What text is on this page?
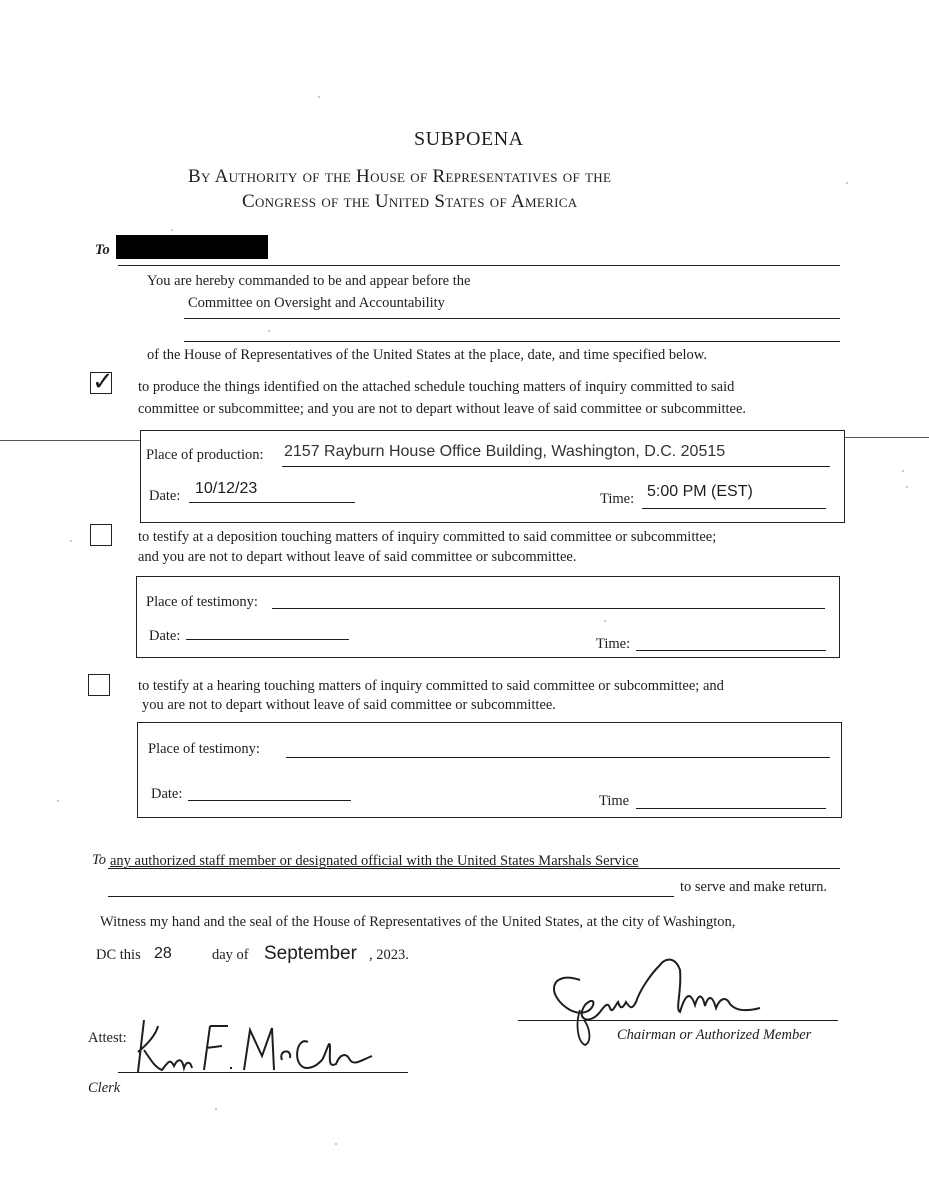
SUBPOENA
By Authority of the House of Representatives of the
Congress of the United States of America
To
You are hereby commanded to be and appear before the
Committee on Oversight and Accountability
of the House of Representatives of the United States at the place, date, and time specified below.
✓ to produce the things identified on the attached schedule touching matters of inquiry committed to said
committee or subcommittee; and you are not to depart without leave of said committee or subcommittee.
Place of production: 2157 Rayburn House Office Building, Washington, D.C. 20515
Date: 10/12/23
Time: 5:00 PM (EST)
to testify at a deposition touching matters of inquiry committed to said committee or subcommittee;
and you are not to depart without leave of said committee or subcommittee.
Place of testimony:
Date:	Time:
to testify at a hearing touching matters of inquiry committed to said committee or subcommittee; and
you are not to depart without leave of said committee or subcommittee.
Place of testimony:
Date:	Time
To any authorized staff member or designated official with the United States Marshals Service
to serve and make return.
Witness my hand and the seal of the House of Representatives of the United States, at the city of Washington,
DC this 28	day of September , 2023.
Chairman or Authorized Member
Attest:
Clerk
